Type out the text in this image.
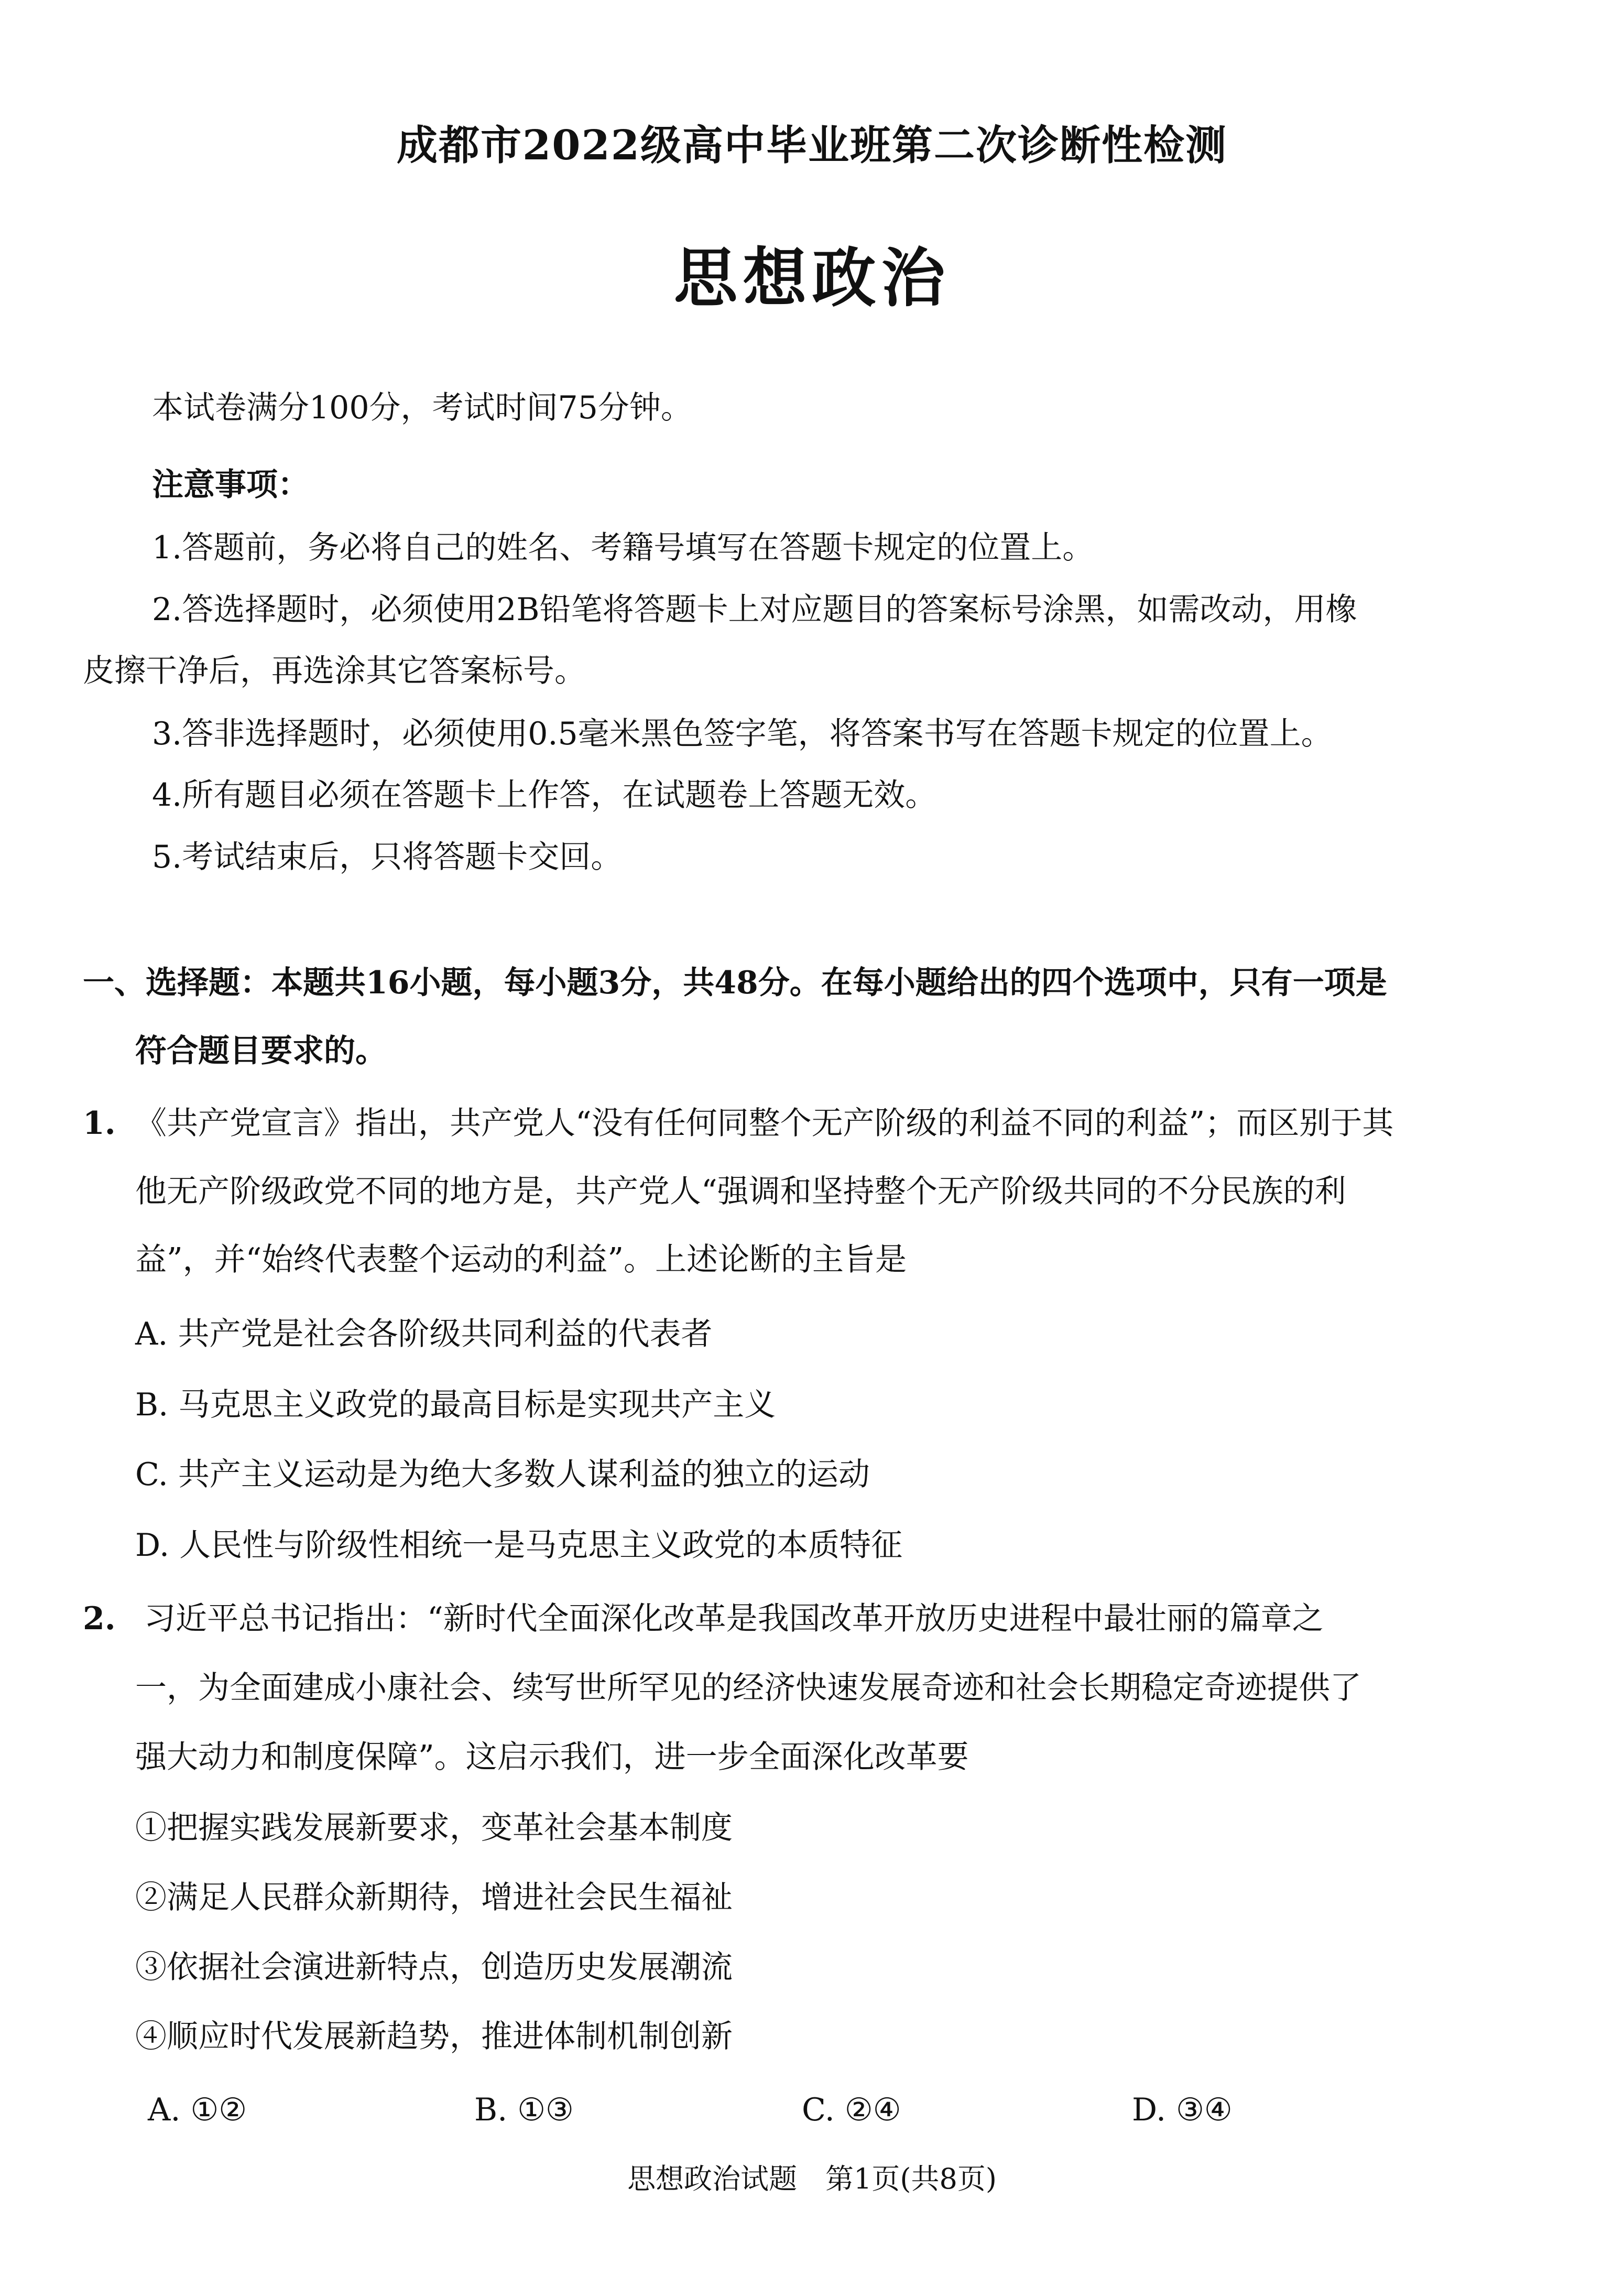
成都市2022级高中毕业班第二次诊断性检测
思想政治
本试卷满分100分，考试时间75分钟。
注意事项：
1.答题前，务必将自己的姓名、考籍号填写在答题卡规定的位置上。
2.答选择题时，必须使用2B铅笔将答题卡上对应题目的答案标号涂黑，如需改动，用橡
皮擦干净后，再选涂其它答案标号。
3.答非选择题时，必须使用0.5毫米黑色签字笔，将答案书写在答题卡规定的位置上。
4.所有题目必须在答题卡上作答，在试题卷上答题无效。
5.考试结束后，只将答题卡交回。
一、选择题：本题共16小题，每小题3分，共48分。在每小题给出的四个选项中，只有一项是
符合题目要求的。
1. 《共产党宣言》指出，共产党人“没有任何同整个无产阶级的利益不同的利益”；而区别于其
他无产阶级政党不同的地方是，共产党人“强调和坚持整个无产阶级共同的不分民族的利
益”，并“始终代表整个运动的利益”。上述论断的主旨是
A. 共产党是社会各阶级共同利益的代表者
B. 马克思主义政党的最高目标是实现共产主义
C. 共产主义运动是为绝大多数人谋利益的独立的运动
D. 人民性与阶级性相统一是马克思主义政党的本质特征
2. 习近平总书记指出：“新时代全面深化改革是我国改革开放历史进程中最壮丽的篇章之
一，为全面建成小康社会、续写世所罕见的经济快速发展奇迹和社会长期稳定奇迹提供了
强大动力和制度保障”。这启示我们，进一步全面深化改革要
①把握实践发展新要求，变革社会基本制度
②满足人民群众新期待，增进社会民生福祉
③依据社会演进新特点，创造历史发展潮流
④顺应时代发展新趋势，推进体制机制创新
A. ①②	B. ①③	C. ②④	D. ③④
思想政治试题　第1页(共8页)
